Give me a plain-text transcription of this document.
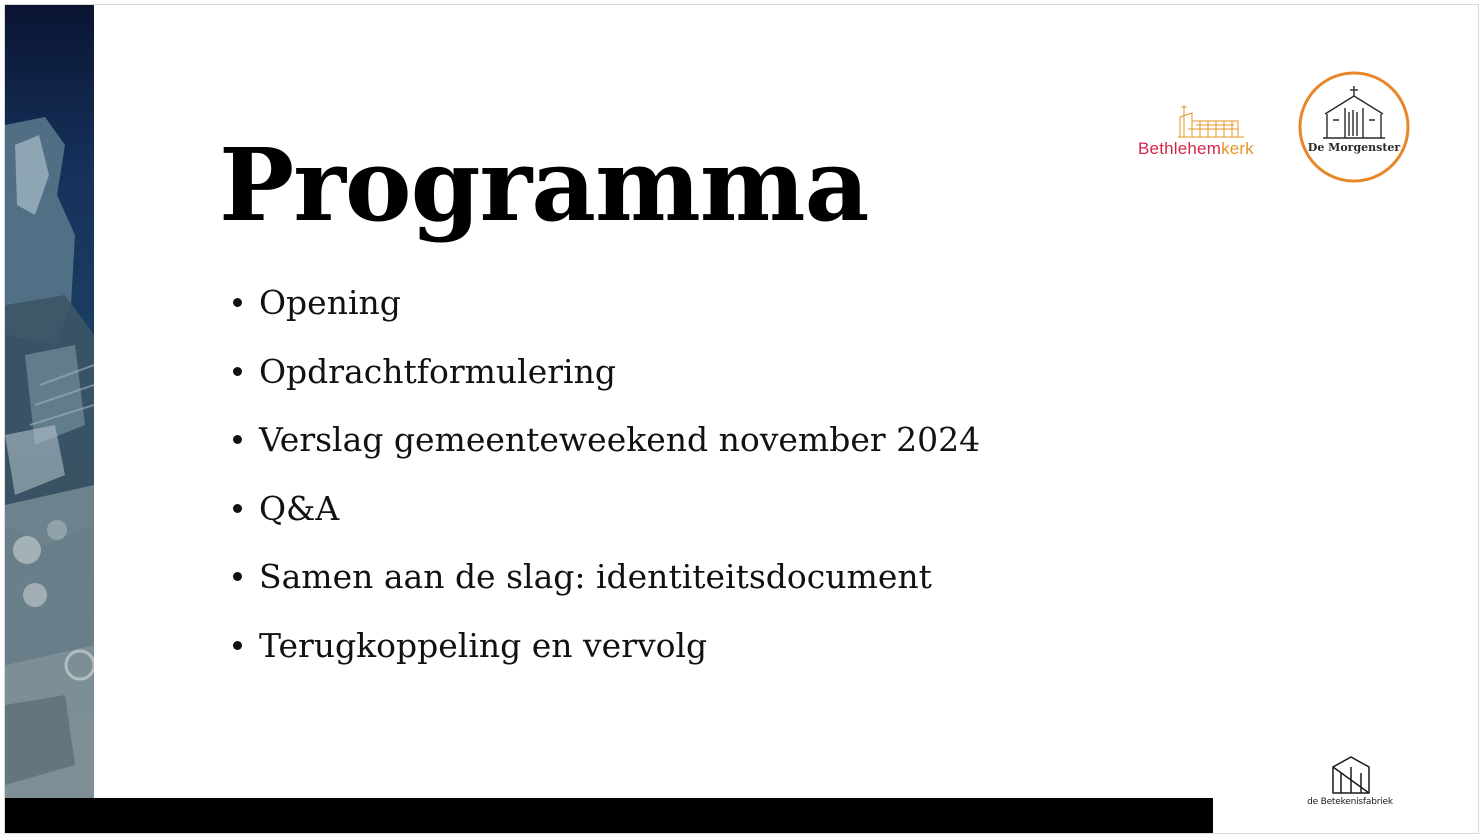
Programma
Opening
Opdrachtformulering
Verslag gemeenteweekend november 2024
Q&A
Samen aan de slag: identiteitsdocument
Terugkoppeling en vervolg
Bethlehemkerk	De Morgenster
de Betekenisfabriek
